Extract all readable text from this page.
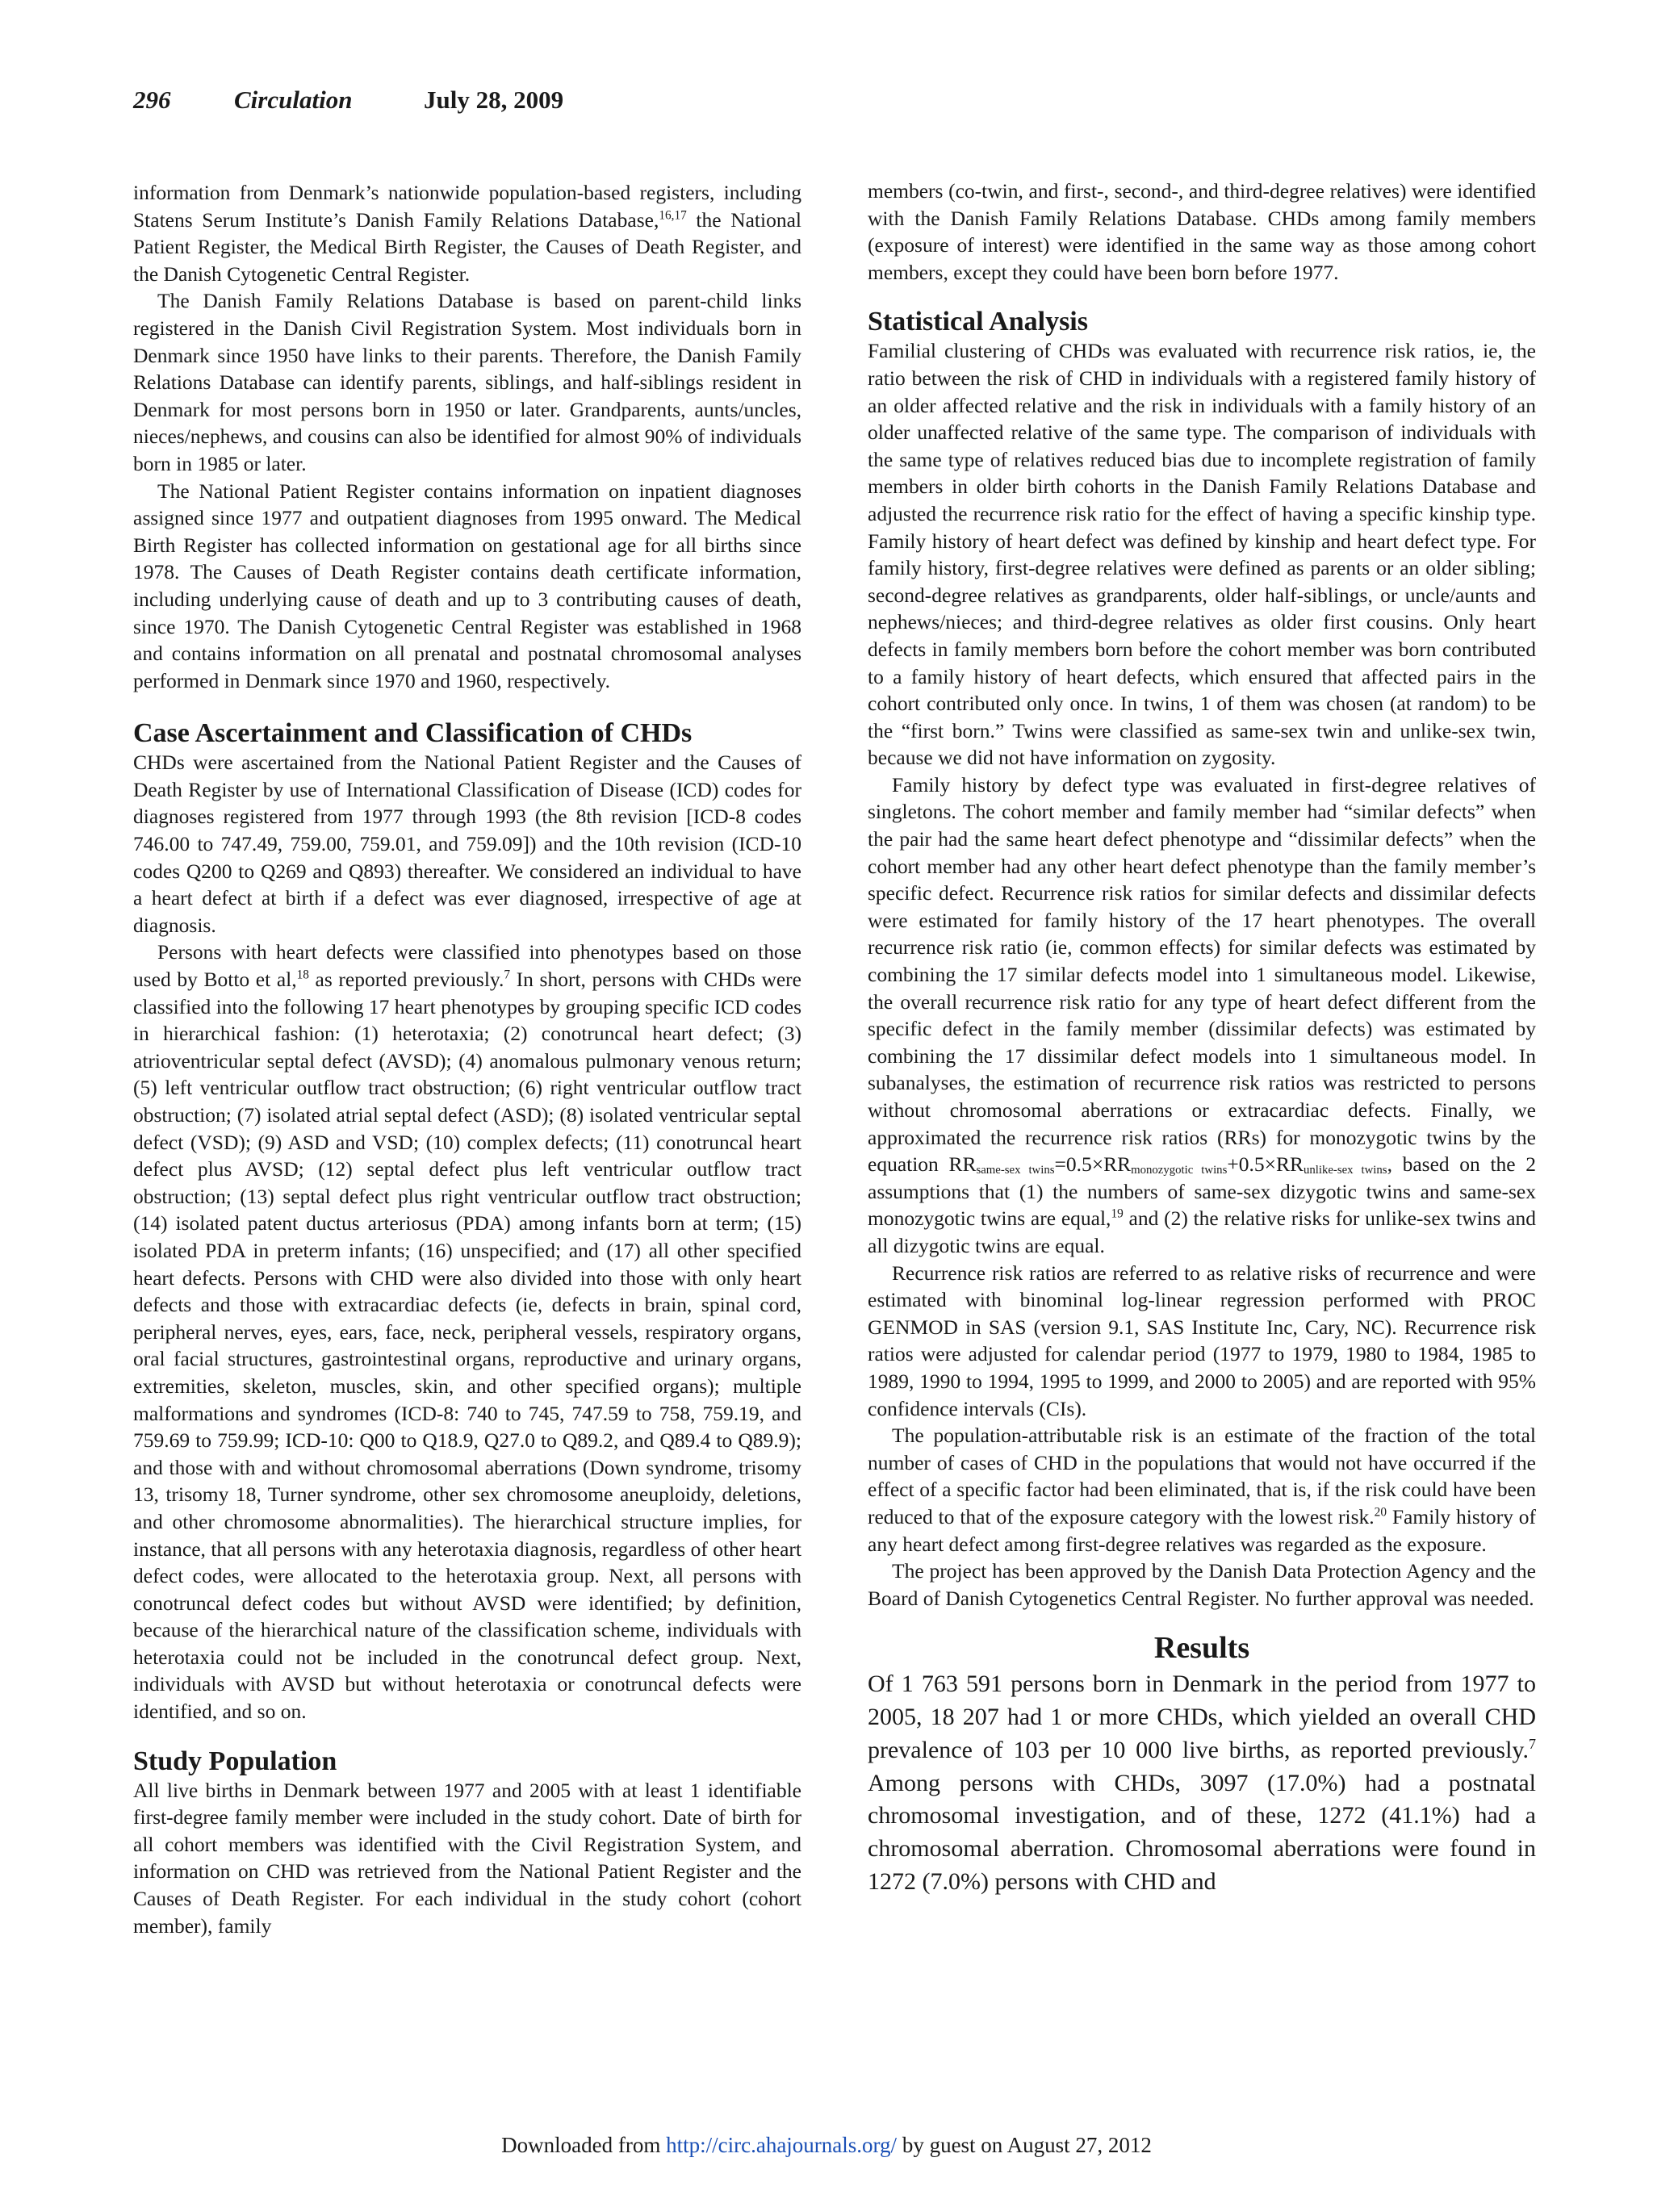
296	Circulation	July 28, 2009

information from Denmark’s nationwide population-based registers, including Statens Serum Institute’s Danish Family Relations Database,$^{16,17}$ the National Patient Register, the Medical Birth Register, the Causes of Death Register, and the Danish Cytogenetic Central Register.

The Danish Family Relations Database is based on parent-child links registered in the Danish Civil Registration System. Most individuals born in Denmark since 1950 have links to their parents. Therefore, the Danish Family Relations Database can identify parents, siblings, and half-siblings resident in Denmark for most persons born in 1950 or later. Grandparents, aunts/uncles, nieces/nephews, and cousins can also be identified for almost 90% of individuals born in 1985 or later.

The National Patient Register contains information on inpatient diagnoses assigned since 1977 and outpatient diagnoses from 1995 onward. The Medical Birth Register has collected information on gestational age for all births since 1978. The Causes of Death Register contains death certificate information, including underlying cause of death and up to 3 contributing causes of death, since 1970. The Danish Cytogenetic Central Register was established in 1968 and contains information on all prenatal and postnatal chromosomal analyses performed in Denmark since 1970 and 1960, respectively.

Case Ascertainment and Classification of CHDs

CHDs were ascertained from the National Patient Register and the Causes of Death Register by use of International Classification of Disease (ICD) codes for diagnoses registered from 1977 through 1993 (the 8th revision [ICD-8 codes 746.00 to 747.49, 759.00, 759.01, and 759.09]) and the 10th revision (ICD-10 codes Q200 to Q269 and Q893) thereafter. We considered an individual to have a heart defect at birth if a defect was ever diagnosed, irrespective of age at diagnosis.

Persons with heart defects were classified into phenotypes based on those used by Botto et al,$^{18}$ as reported previously.$^7$ In short, persons with CHDs were classified into the following 17 heart phenotypes by grouping specific ICD codes in hierarchical fashion: (1) heterotaxia; (2) conotruncal heart defect; (3) atrioventricular septal defect (AVSD); (4) anomalous pulmonary venous return; (5) left ventricular outflow tract obstruction; (6) right ventricular outflow tract obstruction; (7) isolated atrial septal defect (ASD); (8) isolated ventricular septal defect (VSD); (9) ASD and VSD; (10) complex defects; (11) conotruncal heart defect plus AVSD; (12) septal defect plus left ventricular outflow tract obstruction; (13) septal defect plus right ventricular outflow tract obstruction; (14) isolated patent ductus arteriosus (PDA) among infants born at term; (15) isolated PDA in preterm infants; (16) unspecified; and (17) all other specified heart defects. Persons with CHD were also divided into those with only heart defects and those with extracardiac defects (ie, defects in brain, spinal cord, peripheral nerves, eyes, ears, face, neck, peripheral vessels, respiratory organs, oral facial structures, gastrointestinal organs, reproductive and urinary organs, extremities, skeleton, muscles, skin, and other specified organs); multiple malformations and syndromes (ICD-8: 740 to 745, 747.59 to 758, 759.19, and 759.69 to 759.99; ICD-10: Q00 to Q18.9, Q27.0 to Q89.2, and Q89.4 to Q89.9); and those with and without chromosomal aberrations (Down syndrome, trisomy 13, trisomy 18, Turner syndrome, other sex chromosome aneuploidy, deletions, and other chromosome abnormalities). The hierarchical structure implies, for instance, that all persons with any heterotaxia diagnosis, regardless of other heart defect codes, were allocated to the heterotaxia group. Next, all persons with conotruncal defect codes but without AVSD were identified; by definition, because of the hierarchical nature of the classification scheme, individuals with heterotaxia could not be included in the conotruncal defect group. Next, individuals with AVSD but without heterotaxia or conotruncal defects were identified, and so on.

Study Population

All live births in Denmark between 1977 and 2005 with at least 1 identifiable first-degree family member were included in the study cohort. Date of birth for all cohort members was identified with the Civil Registration System, and information on CHD was retrieved from the National Patient Register and the Causes of Death Register. For each individual in the study cohort (cohort member), family

members (co-twin, and first-, second-, and third-degree relatives) were identified with the Danish Family Relations Database. CHDs among family members (exposure of interest) were identified in the same way as those among cohort members, except they could have been born before 1977.

Statistical Analysis

Familial clustering of CHDs was evaluated with recurrence risk ratios, ie, the ratio between the risk of CHD in individuals with a registered family history of an older affected relative and the risk in individuals with a family history of an older unaffected relative of the same type. The comparison of individuals with the same type of relatives reduced bias due to incomplete registration of family members in older birth cohorts in the Danish Family Relations Database and adjusted the recurrence risk ratio for the effect of having a specific kinship type. Family history of heart defect was defined by kinship and heart defect type. For family history, first-degree relatives were defined as parents or an older sibling; second-degree relatives as grandparents, older half-siblings, or uncle/aunts and nephews/nieces; and third-degree relatives as older first cousins. Only heart defects in family members born before the cohort member was born contributed to a family history of heart defects, which ensured that affected pairs in the cohort contributed only once. In twins, 1 of them was chosen (at random) to be the “first born.” Twins were classified as same-sex twin and unlike-sex twin, because we did not have information on zygosity.

Family history by defect type was evaluated in first-degree relatives of singletons. The cohort member and family member had “similar defects” when the pair had the same heart defect phenotype and “dissimilar defects” when the cohort member had any other heart defect phenotype than the family member’s specific defect. Recurrence risk ratios for similar defects and dissimilar defects were estimated for family history of the 17 heart phenotypes. The overall recurrence risk ratio (ie, common effects) for similar defects was estimated by combining the 17 similar defects model into 1 simultaneous model. Likewise, the overall recurrence risk ratio for any type of heart defect different from the specific defect in the family member (dissimilar defects) was estimated by combining the 17 dissimilar defect models into 1 simultaneous model. In subanalyses, the estimation of recurrence risk ratios was restricted to persons without chromosomal aberrations or extracardiac defects. Finally, we approximated the recurrence risk ratios (RRs) for monozygotic twins by the equation $RR_{same-sex twins}=0.5\times RR_{monozygotic twins}+0.5\times RR_{unlike-sex twins}$, based on the 2 assumptions that (1) the numbers of same-sex dizygotic twins and same-sex monozygotic twins are equal,$^{19}$ and (2) the relative risks for unlike-sex twins and all dizygotic twins are equal.

Recurrence risk ratios are referred to as relative risks of recurrence and were estimated with binominal log-linear regression performed with PROC GENMOD in SAS (version 9.1, SAS Institute Inc, Cary, NC). Recurrence risk ratios were adjusted for calendar period (1977 to 1979, 1980 to 1984, 1985 to 1989, 1990 to 1994, 1995 to 1999, and 2000 to 2005) and are reported with 95% confidence intervals (CIs).

The population-attributable risk is an estimate of the fraction of the total number of cases of CHD in the populations that would not have occurred if the effect of a specific factor had been eliminated, that is, if the risk could have been reduced to that of the exposure category with the lowest risk.$^{20}$ Family history of any heart defect among first-degree relatives was regarded as the exposure.

The project has been approved by the Danish Data Protection Agency and the Board of Danish Cytogenetics Central Register. No further approval was needed.

Results

Of 1 763 591 persons born in Denmark in the period from 1977 to 2005, 18 207 had 1 or more CHDs, which yielded an overall CHD prevalence of 103 per 10 000 live births, as reported previously.$^7$ Among persons with CHDs, 3097 (17.0%) had a postnatal chromosomal investigation, and of these, 1272 (41.1%) had a chromosomal aberration. Chromosomal aberrations were found in 1272 (7.0%) persons with CHD and

Downloaded from http://circ.ahajournals.org/ by guest on August 27, 2012
